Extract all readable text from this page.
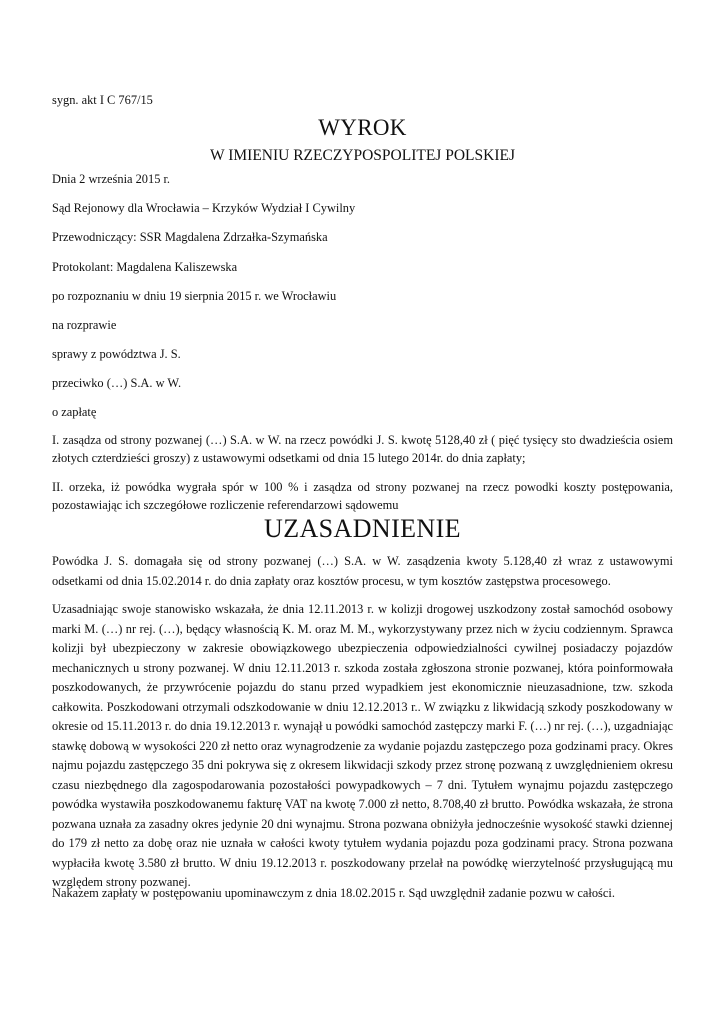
sygn. akt I C 767/15
WYROK
W IMIENIU RZECZYPOSPOLITEJ POLSKIEJ
Dnia 2 września 2015 r.
Sąd Rejonowy dla Wrocławia – Krzyków Wydział I Cywilny
Przewodniczący: SSR Magdalena Zdrzałka-Szymańska
Protokolant: Magdalena Kaliszewska
po rozpoznaniu w dniu 19 sierpnia 2015 r. we Wrocławiu
na rozprawie
sprawy z powództwa J. S.
przeciwko (…) S.A. w W.
o zapłatę
I. zasądza od strony pozwanej (…) S.A. w W. na rzecz powódki J. S. kwotę 5128,40 zł ( pięć tysięcy sto dwadzieścia osiem złotych czterdzieści groszy) z ustawowymi odsetkami od dnia 15 lutego 2014r. do dnia zapłaty;
II. orzeka, iż powódka wygrała spór w 100 % i zasądza od strony pozwanej na rzecz powodki koszty postępowania, pozostawiając ich szczegółowe rozliczenie referendarzowi sądowemu
UZASADNIENIE
Powódka J. S. domagała się od strony pozwanej (…) S.A. w W. zasądzenia kwoty 5.128,40 zł wraz z ustawowymi odsetkami od dnia 15.02.2014 r. do dnia zapłaty oraz kosztów procesu, w tym kosztów zastępstwa procesowego.
Uzasadniając swoje stanowisko wskazała, że dnia 12.11.2013 r. w kolizji drogowej uszkodzony został samochód osobowy marki M. (…) nr rej. (…), będący własnością K. M. oraz M. M., wykorzystywany przez nich w życiu codziennym. Sprawca kolizji był ubezpieczony w zakresie obowiązkowego ubezpieczenia odpowiedzialności cywilnej posiadaczy pojazdów mechanicznych u strony pozwanej. W dniu 12.11.2013 r. szkoda została zgłoszona stronie pozwanej, która poinformowała poszkodowanych, że przywrócenie pojazdu do stanu przed wypadkiem jest ekonomicznie nieuzasadnione, tzw. szkoda całkowita. Poszkodowani otrzymali odszkodowanie w dniu 12.12.2013 r.. W związku z likwidacją szkody poszkodowany w okresie od 15.11.2013 r. do dnia 19.12.2013 r. wynajął u powódki samochód zastępczy marki F. (…) nr rej. (…), uzgadniając stawkę dobową w wysokości 220 zł netto oraz wynagrodzenie za wydanie pojazdu zastępczego poza godzinami pracy. Okres najmu pojazdu zastępczego 35 dni pokrywa się z okresem likwidacji szkody przez stronę pozwaną z uwzględnieniem okresu czasu niezbędnego dla zagospodarowania pozostałości powypadkowych – 7 dni. Tytułem wynajmu pojazdu zastępczego powódka wystawiła poszkodowanemu fakturę VAT na kwotę 7.000 zł netto, 8.708,40 zł brutto. Powódka wskazała, że strona pozwana uznała za zasadny okres jedynie 20 dni wynajmu. Strona pozwana obniżyła jednocześnie wysokość stawki dziennej do 179 zł netto za dobę oraz nie uznała w całości kwoty tytułem wydania pojazdu poza godzinami pracy. Strona pozwana wypłaciła kwotę 3.580 zł brutto. W dniu 19.12.2013 r. poszkodowany przelał na powódkę wierzytelność przysługującą mu względem strony pozwanej.
Nakazem zapłaty w postępowaniu upominawczym z dnia 18.02.2015 r. Sąd uwzględnił zadanie pozwu w całości.
